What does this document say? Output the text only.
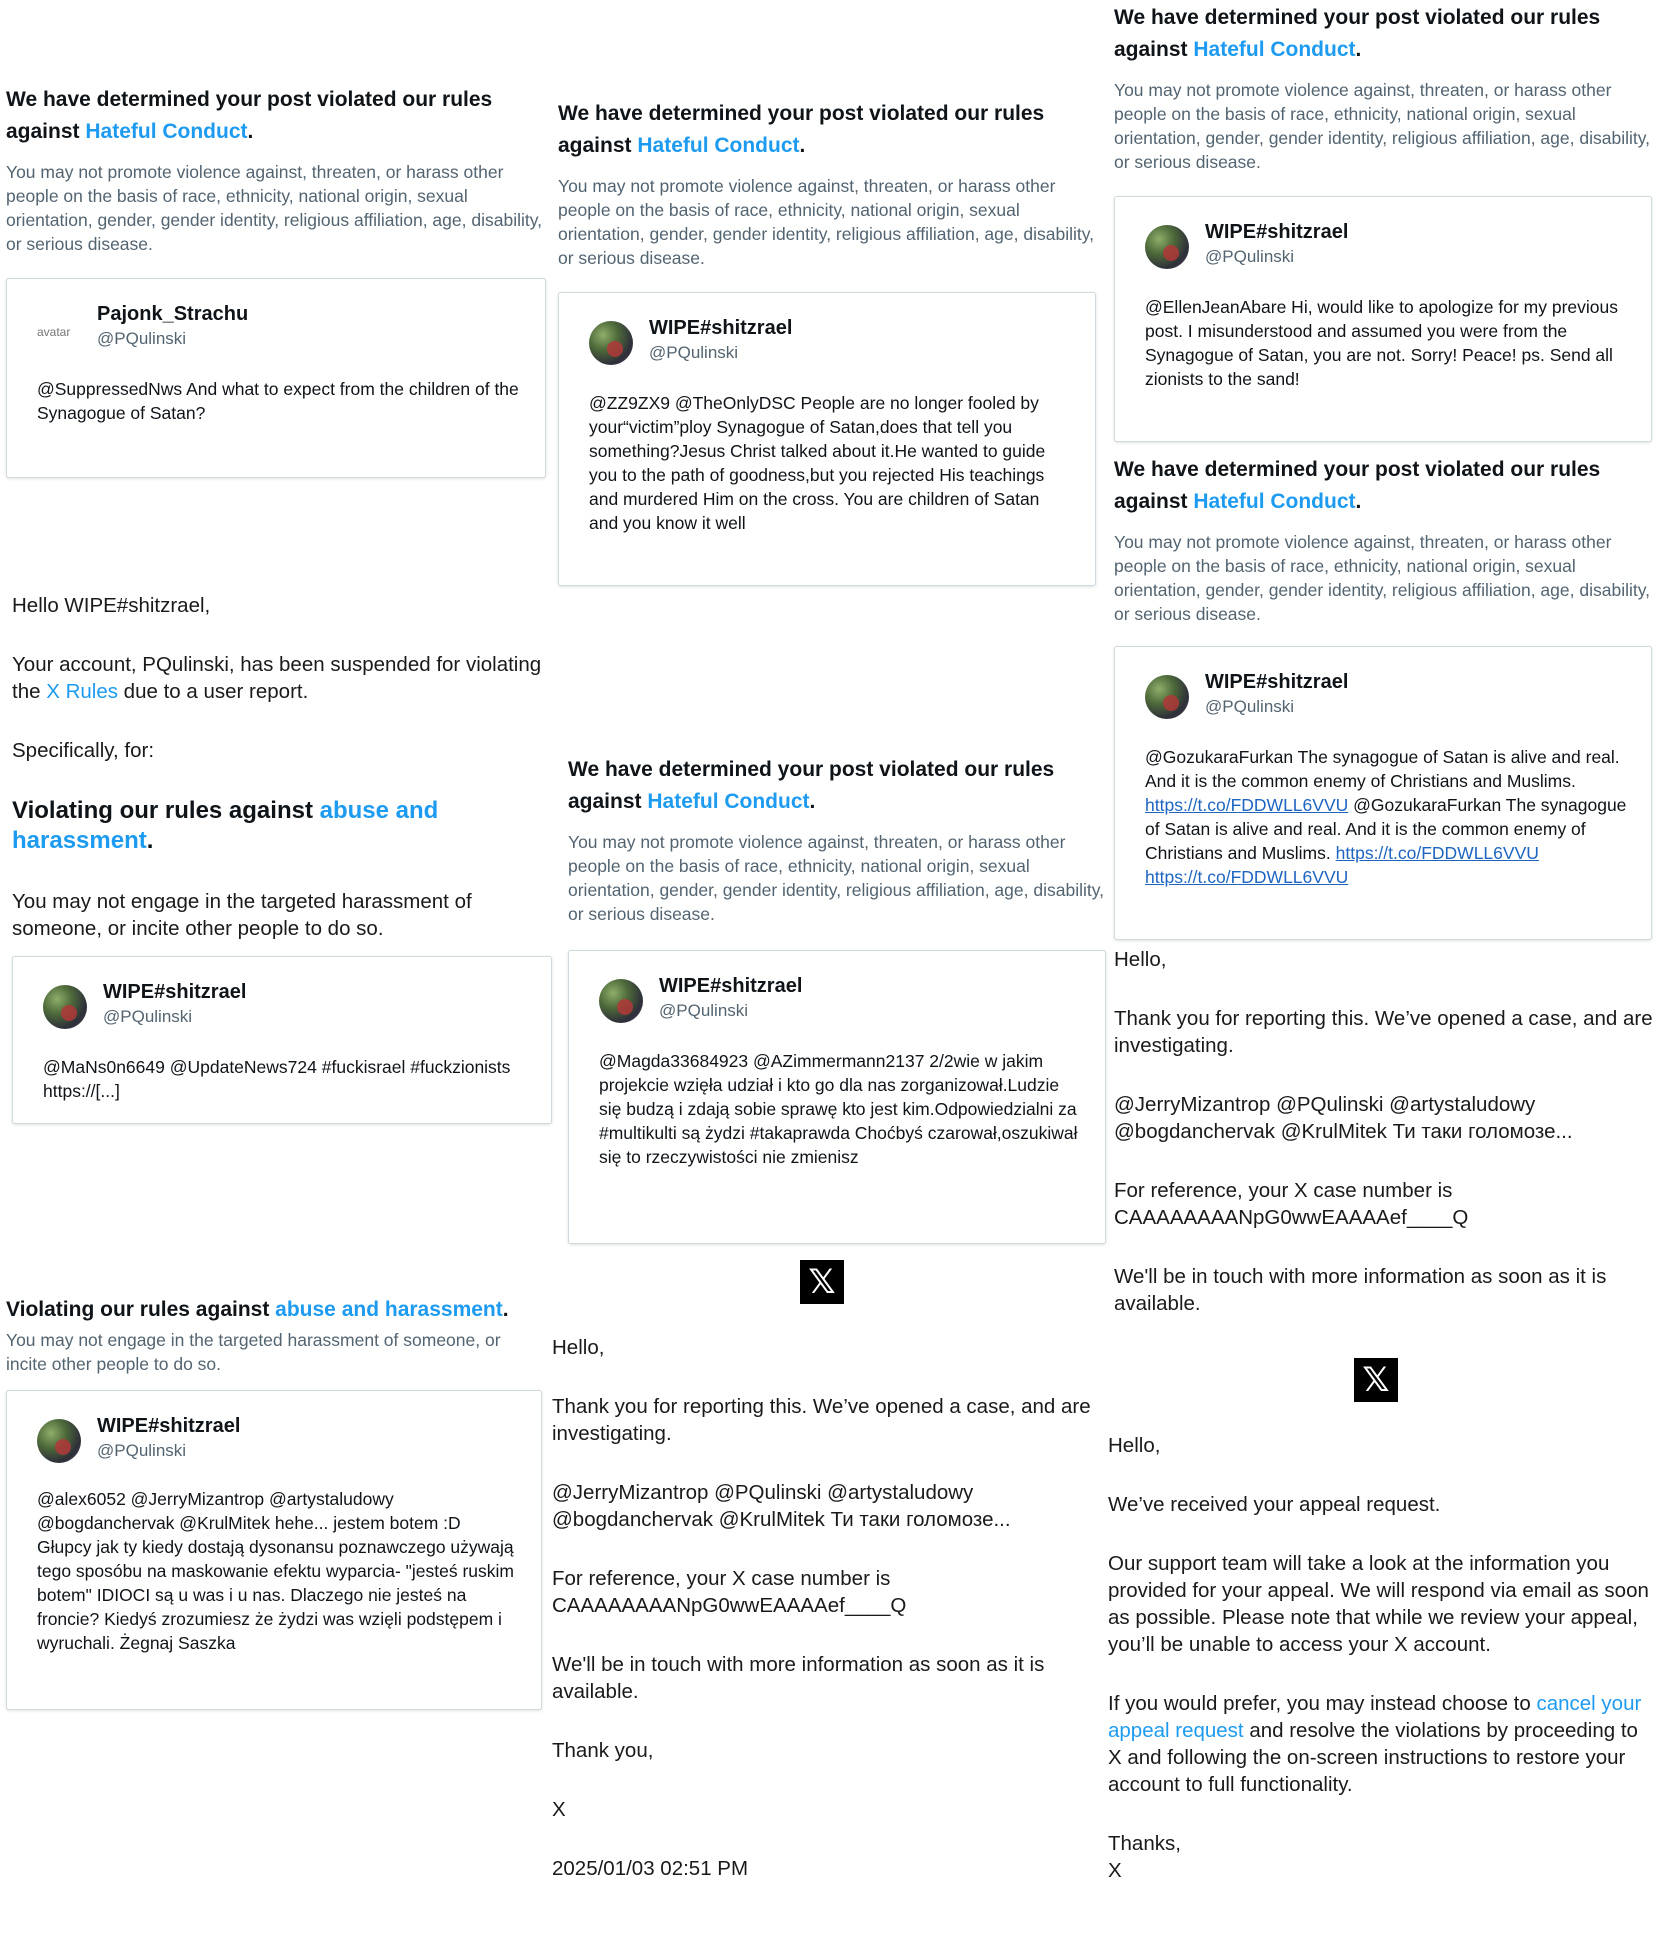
We have determined your post violated our rules against Hateful Conduct.

You may not promote violence against, threaten, or harass other people on the basis of race, ethnicity, national origin, sexual orientation, gender, gender identity, religious affiliation, age, disability, or serious disease.

avatar
Pajonk_Strachu
@PQulinski

@SuppressedNws And what to expect from the children of the Synagogue of Satan?

Hello WIPE#shitzrael,

Your account, PQulinski, has been suspended for violating the X Rules due to a user report.

Specifically, for:

Violating our rules against abuse and harassment.

You may not engage in the targeted harassment of someone, or incite other people to do so.

WIPE#shitzrael
@PQulinski

@MaNs0n6649 @UpdateNews724 #fuckisrael #fuckzionists https://[...]

Violating our rules against abuse and harassment.

You may not engage in the targeted harassment of someone, or incite other people to do so.

WIPE#shitzrael
@PQulinski

@alex6052 @JerryMizantrop @artystaludowy @bogdanchervak @KrulMitek hehe... jestem botem :D Głupcy jak ty kiedy dostają dysonansu poznawczego używają tego sposóbu na maskowanie efektu wyparcia- "jesteś ruskim botem" IDIOCI są u was i u nas. Dlaczego nie jesteś na froncie? Kiedyś zrozumiesz że żydzi was wzięli podstępem i wyruchali. Żegnaj Saszka

We have determined your post violated our rules against Hateful Conduct.

You may not promote violence against, threaten, or harass other people on the basis of race, ethnicity, national origin, sexual orientation, gender, gender identity, religious affiliation, age, disability, or serious disease.

WIPE#shitzrael
@PQulinski

@ZZ9ZX9 @TheOnlyDSC People are no longer fooled by your“victim”ploy Synagogue of Satan,does that tell you something?Jesus Christ talked about it.He wanted to guide you to the path of goodness,but you rejected His teachings and murdered Him on the cross. You are children of Satan and you know it well

We have determined your post violated our rules against Hateful Conduct.

You may not promote violence against, threaten, or harass other people on the basis of race, ethnicity, national origin, sexual orientation, gender, gender identity, religious affiliation, age, disability, or serious disease.

WIPE#shitzrael
@PQulinski

@Magda33684923 @AZimmermann2137 2/2wie w jakim projekcie wzięła udział i kto go dla nas zorganizował.Ludzie się budzą i zdają sobie sprawę kto jest kim.Odpowiedzialni za #multikulti są żydzi #takaprawda Choćbyś czarował,oszukiwał się to rzeczywistości nie zmienisz

𝕏

Hello,

Thank you for reporting this. We’ve opened a case, and are investigating.

@JerryMizantrop @PQulinski @artystaludowy @bogdanchervak @KrulMitek Ти таки голомозе...

For reference, your X case number is
CAAAAAAAANpG0wwEAAAAef____Q

We'll be in touch with more information as soon as it is available.

Thank you,

X

2025/01/03 02:51 PM

We have determined your post violated our rules against Hateful Conduct.

You may not promote violence against, threaten, or harass other people on the basis of race, ethnicity, national origin, sexual orientation, gender, gender identity, religious affiliation, age, disability, or serious disease.

WIPE#shitzrael
@PQulinski

@EllenJeanAbare Hi, would like to apologize for my previous post. I misunderstood and assumed you were from the Synagogue of Satan, you are not. Sorry! Peace! ps. Send all zionists to the sand!

We have determined your post violated our rules against Hateful Conduct.

You may not promote violence against, threaten, or harass other people on the basis of race, ethnicity, national origin, sexual orientation, gender, gender identity, religious affiliation, age, disability, or serious disease.

WIPE#shitzrael
@PQulinski

@GozukaraFurkan The synagogue of Satan is alive and real. And it is the common enemy of Christians and Muslims. https://t.co/FDDWLL6VVU @GozukaraFurkan The synagogue of Satan is alive and real. And it is the common enemy of Christians and Muslims. https://t.co/FDDWLL6VVU https://t.co/FDDWLL6VVU

Hello,

Thank you for reporting this. We’ve opened a case, and are investigating.

@JerryMizantrop @PQulinski @artystaludowy @bogdanchervak @KrulMitek Ти таки голомозе...

For reference, your X case number is
CAAAAAAAANpG0wwEAAAAef____Q

We'll be in touch with more information as soon as it is available.

𝕏

Hello,

We’ve received your appeal request.

Our support team will take a look at the information you provided for your appeal. We will respond via email as soon as possible. Please note that while we review your appeal, you’ll be unable to access your X account.

If you would prefer, you may instead choose to cancel your appeal request and resolve the violations by proceeding to X and following the on-screen instructions to restore your account to full functionality.

Thanks,
X
